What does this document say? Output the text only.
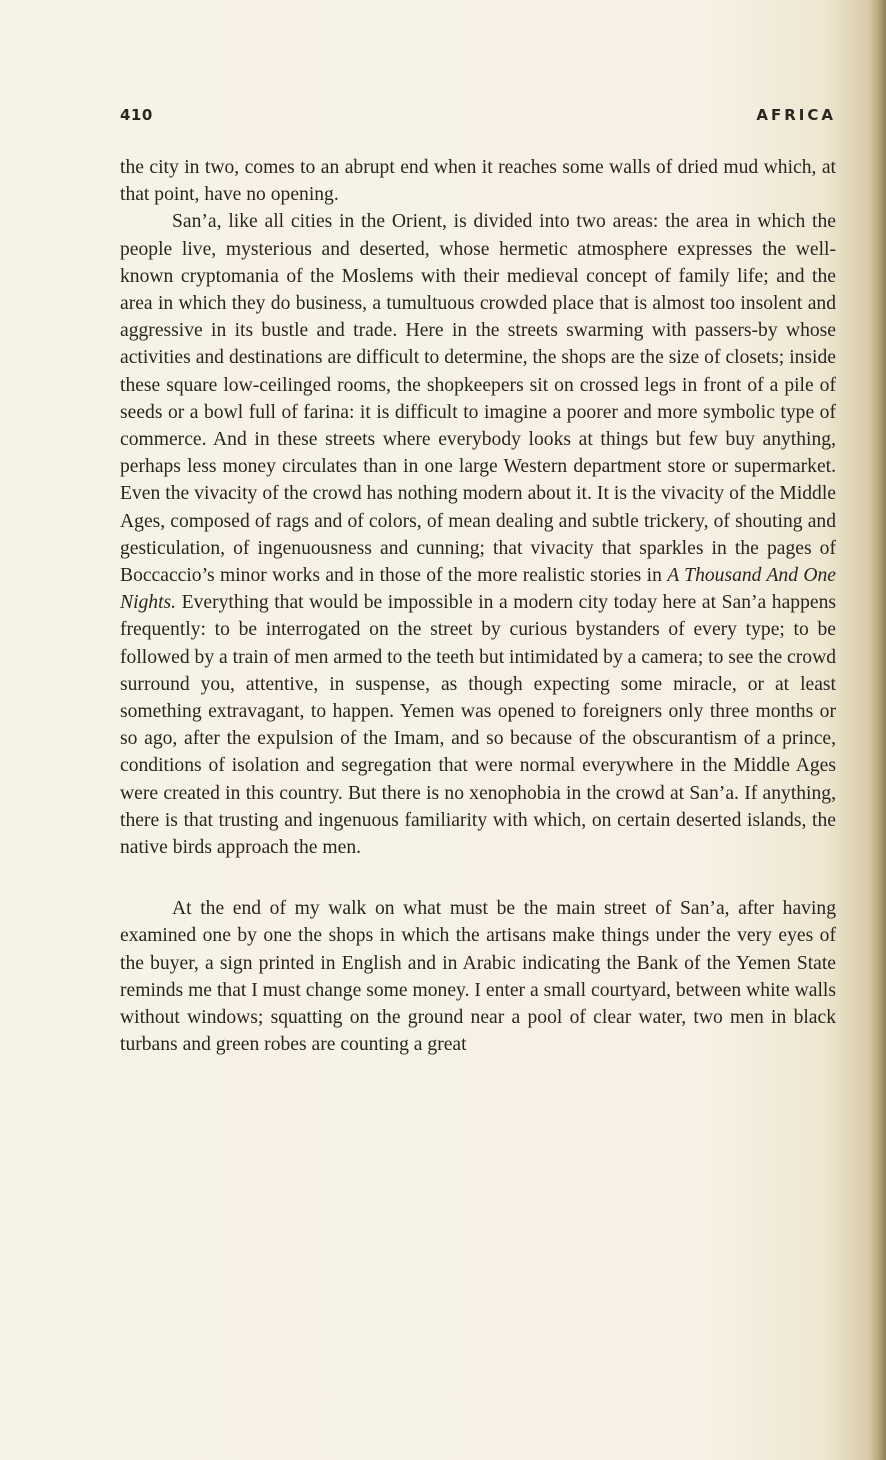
410	AFRICA

the city in two, comes to an abrupt end when it reaches some walls of dried mud which, at that point, have no opening.

San’a, like all cities in the Orient, is divided into two areas: the area in which the people live, mysterious and deserted, whose hermetic atmosphere expresses the well-known cryptomania of the Moslems with their medieval concept of family life; and the area in which they do business, a tumultuous crowded place that is almost too insolent and aggressive in its bustle and trade. Here in the streets swarming with passers-by whose activities and destinations are difficult to determine, the shops are the size of closets; inside these square low-ceilinged rooms, the shopkeepers sit on crossed legs in front of a pile of seeds or a bowl full of farina: it is difficult to imagine a poorer and more symbolic type of commerce. And in these streets where everybody looks at things but few buy anything, perhaps less money circulates than in one large Western department store or supermarket. Even the vivacity of the crowd has nothing modern about it. It is the vivacity of the Middle Ages, composed of rags and of colors, of mean dealing and subtle trickery, of shouting and gesticulation, of ingenuousness and cunning; that vivacity that sparkles in the pages of Boccaccio’s minor works and in those of the more realistic stories in A Thousand And One Nights. Everything that would be impossible in a modern city today here at San’a happens frequently: to be interrogated on the street by curious bystanders of every type; to be followed by a train of men armed to the teeth but intimidated by a camera; to see the crowd surround you, attentive, in suspense, as though expecting some miracle, or at least something extravagant, to happen. Yemen was opened to foreigners only three months or so ago, after the expulsion of the Imam, and so because of the obscurantism of a prince, conditions of isolation and segregation that were normal everywhere in the Middle Ages were created in this country. But there is no xenophobia in the crowd at San’a. If anything, there is that trusting and ingenuous familiarity with which, on certain deserted islands, the native birds approach the men.

At the end of my walk on what must be the main street of San’a, after having examined one by one the shops in which the artisans make things under the very eyes of the buyer, a sign printed in English and in Arabic indicating the Bank of the Yemen State reminds me that I must change some money. I enter a small courtyard, between white walls without windows; squatting on the ground near a pool of clear water, two men in black turbans and green robes are counting a great
